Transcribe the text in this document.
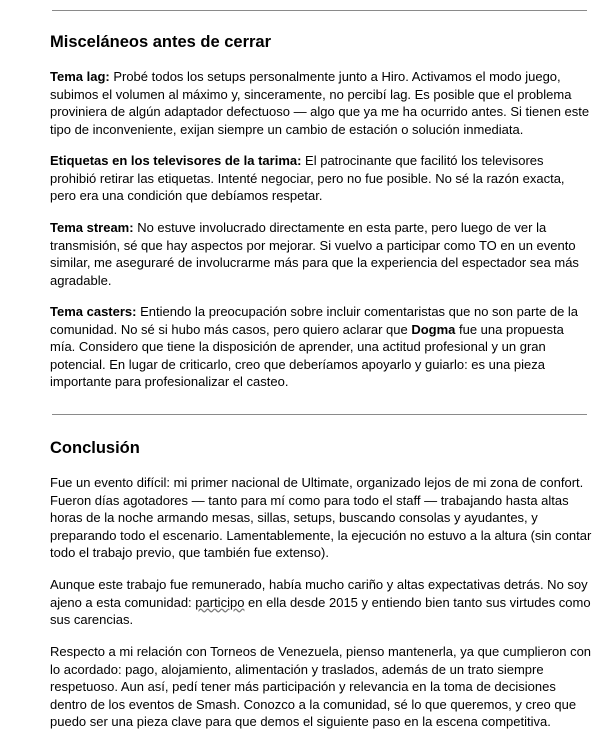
Misceláneos antes de cerrar

Tema lag: Probé todos los setups personalmente junto a Hiro. Activamos el modo juego, subimos el volumen al máximo y, sinceramente, no percibí lag. Es posible que el problema proviniera de algún adaptador defectuoso — algo que ya me ha ocurrido antes. Si tienen este tipo de inconveniente, exijan siempre un cambio de estación o solución inmediata.

Etiquetas en los televisores de la tarima: El patrocinante que facilitó los televisores prohibió retirar las etiquetas. Intenté negociar, pero no fue posible. No sé la razón exacta, pero era una condición que debíamos respetar.

Tema stream: No estuve involucrado directamente en esta parte, pero luego de ver la transmisión, sé que hay aspectos por mejorar. Si vuelvo a participar como TO en un evento similar, me aseguraré de involucrarme más para que la experiencia del espectador sea más agradable.

Tema casters: Entiendo la preocupación sobre incluir comentaristas que no son parte de la comunidad. No sé si hubo más casos, pero quiero aclarar que Dogma fue una propuesta mía. Considero que tiene la disposición de aprender, una actitud profesional y un gran potencial. En lugar de criticarlo, creo que deberíamos apoyarlo y guiarlo: es una pieza importante para profesionalizar el casteo.

Conclusión

Fue un evento difícil: mi primer nacional de Ultimate, organizado lejos de mi zona de confort. Fueron días agotadores — tanto para mí como para todo el staff — trabajando hasta altas horas de la noche armando mesas, sillas, setups, buscando consolas y ayudantes, y preparando todo el escenario. Lamentablemente, la ejecución no estuvo a la altura (sin contar todo el trabajo previo, que también fue extenso).

Aunque este trabajo fue remunerado, había mucho cariño y altas expectativas detrás. No soy ajeno a esta comunidad: participo en ella desde 2015 y entiendo bien tanto sus virtudes como sus carencias.

Respecto a mi relación con Torneos de Venezuela, pienso mantenerla, ya que cumplieron con lo acordado: pago, alojamiento, alimentación y traslados, además de un trato siempre respetuoso. Aun así, pedí tener más participación y relevancia en la toma de decisiones dentro de los eventos de Smash. Conozco a la comunidad, sé lo que queremos, y creo que puedo ser una pieza clave para que demos el siguiente paso en la escena competitiva.
